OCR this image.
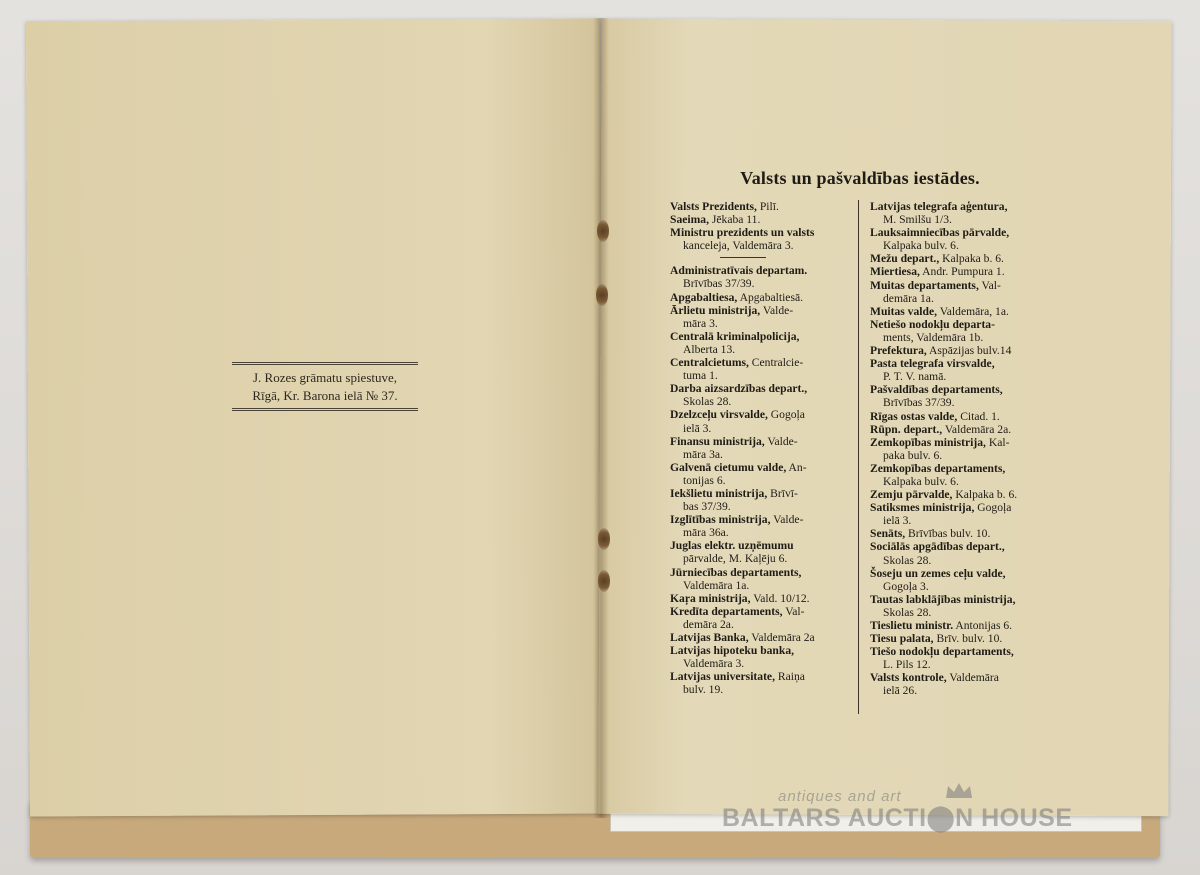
J. Rozes grāmatu spiestuve,
Rīgā, Kr. Barona ielā № 37.
Valsts un pašvaldības iestādes.
Valsts Prezidents, Pilī.
Saeima, Jēkaba 11.
Ministru prezidents un valsts
kanceleja, Valdemāra 3.
Administratīvais departam.
Brīvības 37/39.
Apgabaltiesa, Apgabaltiesā.
Ārlietu ministrija, Valde-
māra 3.
Centralā kriminalpolicija,
Alberta 13.
Centralcietums, Centralcie-
tuma 1.
Darba aizsardzības depart.,
Skolas 28.
Dzelzceļu virsvalde, Gogoļa
ielā 3.
Finansu ministrija, Valde-
māra 3a.
Galvenā cietumu valde, An-
tonijas 6.
Iekšlietu ministrija, Brīvī-
bas 37/39.
Izglītības ministrija, Valde-
māra 36a.
Juglas elektr. uzņēmumu
pārvalde, M. Kaļēju 6.
Jūrniecības departaments,
Valdemāra 1a.
Kaŗa ministrija, Vald. 10/12.
Kredīta departaments, Val-
demāra 2a.
Latvijas Banka, Valdemāra 2a
Latvijas hipoteku banka,
Valdemāra 3.
Latvijas universitate, Raiņa
bulv. 19.
Latvijas telegrafa aģentura,
M. Smilšu 1/3.
Lauksaimniecības pārvalde,
Kalpaka bulv. 6.
Mežu depart., Kalpaka b. 6.
Miertiesa, Andr. Pumpura 1.
Muitas departaments, Val-
demāra 1a.
Muitas valde, Valdemāra, 1a.
Netiešo nodokļu departa-
ments, Valdemāra 1b.
Prefektura, Aspāzijas bulv.14
Pasta telegrafa virsvalde,
P. T. V. namā.
Pašvaldības departaments,
Brīvības 37/39.
Rīgas ostas valde, Citad. 1.
Rūpn. depart., Valdemāra 2a.
Zemkopības ministrija, Kal-
paka bulv. 6.
Zemkopības departaments,
Kalpaka bulv. 6.
Zemju pārvalde, Kalpaka b. 6.
Satiksmes ministrija, Gogoļa
ielā 3.
Senāts, Brīvības bulv. 10.
Sociālās apgādības depart.,
Skolas 28.
Šoseju un zemes ceļu valde,
Gogoļa 3.
Tautas labklājības ministrija,
Skolas 28.
Tieslietu ministr. Antonijas 6.
Tiesu palata, Brīv. bulv. 10.
Tiešo nodokļu departaments,
L. Pils 12.
Valsts kontrole, Valdemāra
ielā 26.
antiques and art
BALTARS AUCTI⬤N HOUSE
